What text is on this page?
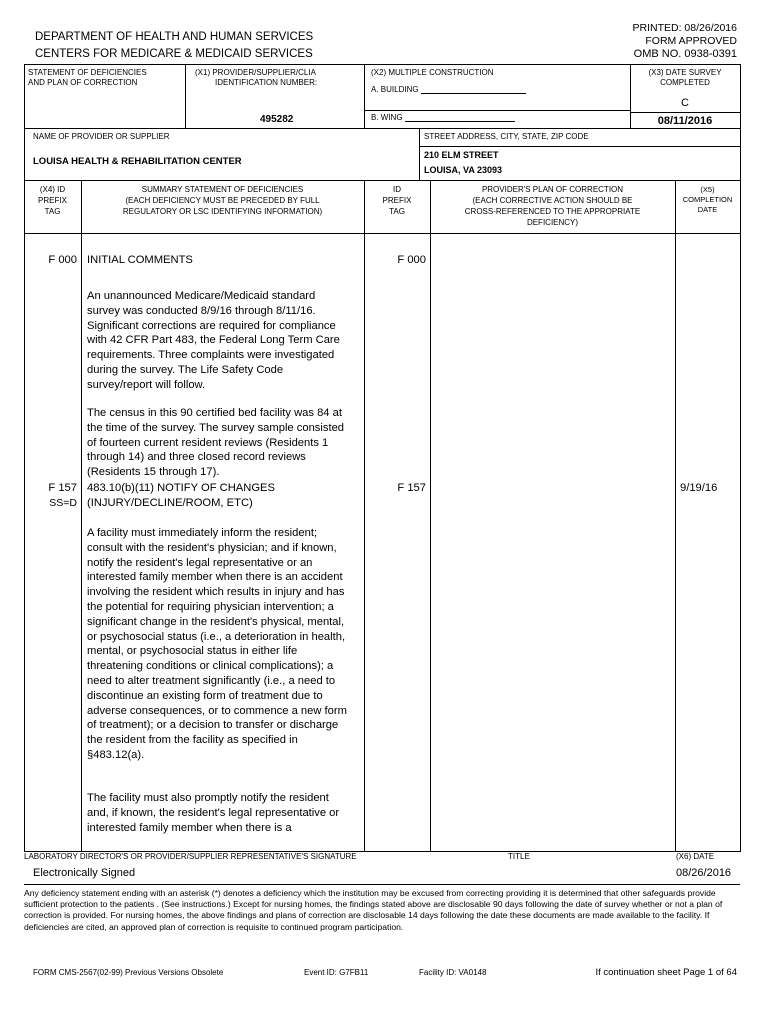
DEPARTMENT OF HEALTH AND HUMAN SERVICES
CENTERS FOR MEDICARE & MEDICAID SERVICES
PRINTED: 08/26/2016
FORM APPROVED
OMB NO. 0938-0391
STATEMENT OF DEFICIENCIES
AND PLAN OF CORRECTION
(X1) PROVIDER/SUPPLIER/CLIA
IDENTIFICATION NUMBER:
495282
(X2) MULTIPLE CONSTRUCTION
A. BUILDING
B. WING
(X3) DATE SURVEY
COMPLETED
C
08/11/2016
NAME OF PROVIDER OR SUPPLIER
LOUISA HEALTH & REHABILITATION CENTER
STREET ADDRESS, CITY, STATE, ZIP CODE
210 ELM STREET
LOUISA, VA 23093
(X4) ID
PREFIX
TAG
SUMMARY STATEMENT OF DEFICIENCIES
(EACH DEFICIENCY MUST BE PRECEDED BY FULL
REGULATORY OR LSC IDENTIFYING INFORMATION)
ID
PREFIX
TAG
PROVIDER'S PLAN OF CORRECTION
(EACH CORRECTIVE ACTION SHOULD BE
CROSS-REFERENCED TO THE APPROPRIATE
DEFICIENCY)
(X5)
COMPLETION
DATE
F 000 INITIAL COMMENTS	F 000
An unannounced Medicare/Medicaid standard survey was conducted 8/9/16 through 8/11/16. Significant corrections are required for compliance with 42 CFR Part 483, the Federal Long Term Care requirements. Three complaints were investigated during the survey. The Life Safety Code survey/report will follow.
The census in this 90 certified bed facility was 84 at the time of the survey. The survey sample consisted of fourteen current resident reviews (Residents 1 through 14) and three closed record reviews (Residents 15 through 17).
F 157
SS=D
483.10(b)(11) NOTIFY OF CHANGES
(INJURY/DECLINE/ROOM, ETC)
F 157	9/19/16
A facility must immediately inform the resident; consult with the resident's physician; and if known, notify the resident's legal representative or an interested family member when there is an accident involving the resident which results in injury and has the potential for requiring physician intervention; a significant change in the resident's physical, mental, or psychosocial status (i.e., a deterioration in health, mental, or psychosocial status in either life threatening conditions or clinical complications); a need to alter treatment significantly (i.e., a need to discontinue an existing form of treatment due to adverse consequences, or to commence a new form of treatment); or a decision to transfer or discharge the resident from the facility as specified in §483.12(a).
The facility must also promptly notify the resident and, if known, the resident's legal representative or interested family member when there is a
LABORATORY DIRECTOR'S OR PROVIDER/SUPPLIER REPRESENTATIVE'S SIGNATURE	TITLE	(X6) DATE
Electronically Signed	08/26/2016
Any deficiency statement ending with an asterisk (*) denotes a deficiency which the institution may be excused from correcting providing it is determined that other safeguards provide sufficient protection to the patients . (See instructions.) Except for nursing homes, the findings stated above are disclosable 90 days following the date of survey whether or not a plan of correction is provided. For nursing homes, the above findings and plans of correction are disclosable 14 days following the date these documents are made available to the facility. If deficiencies are cited, an approved plan of correction is requisite to continued program participation.
FORM CMS-2567(02-99) Previous Versions Obsolete	Event ID: G7FB11	Facility ID: VA0148	If continuation sheet Page 1 of 64
